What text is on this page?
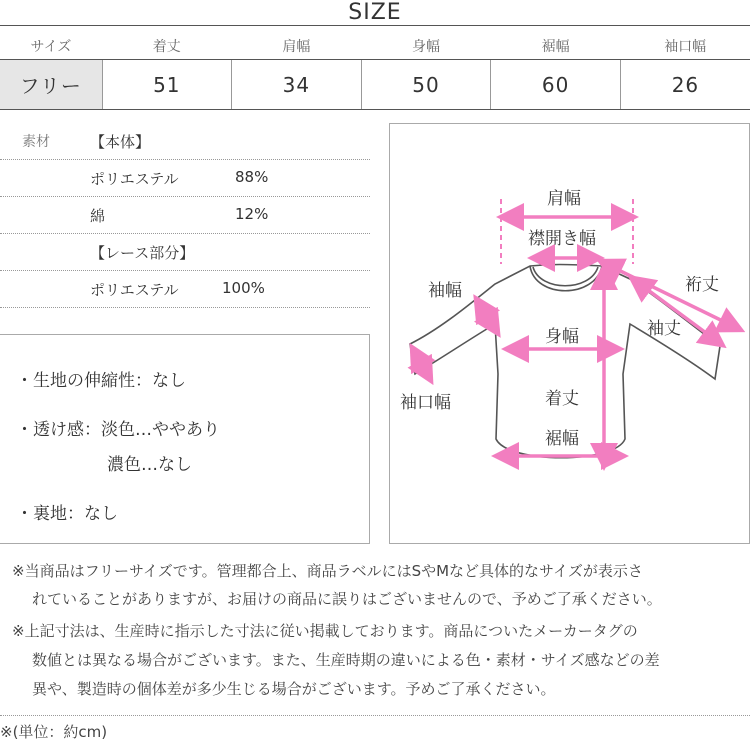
SIZE
サイズ	着丈	肩幅	身幅	裾幅	袖口幅
フリー	51	34	50	60	26
素材	【本体】
ポリエステル	88%
綿	12%
【レース部分】
ポリエステル	100%
・生地の伸縮性：なし
・透け感：淡色…ややあり
濃色…なし
・裏地：なし
肩幅
襟開き幅
裄丈
袖幅
袖丈
身幅
袖口幅	着丈
裾幅
※当商品はフリーサイズです。管理都合上、商品ラベルにはSやMなど具体的なサイズが表示さ
れていることがありますが、お届けの商品に誤りはございませんので、予めご了承ください。
※上記寸法は、生産時に指示した寸法に従い掲載しております。商品についたメーカータグの
数値とは異なる場合がございます。また、生産時期の違いによる色・素材・サイズ感などの差
異や、製造時の個体差が多少生じる場合がございます。予めご了承ください。
※(単位：約cm)
